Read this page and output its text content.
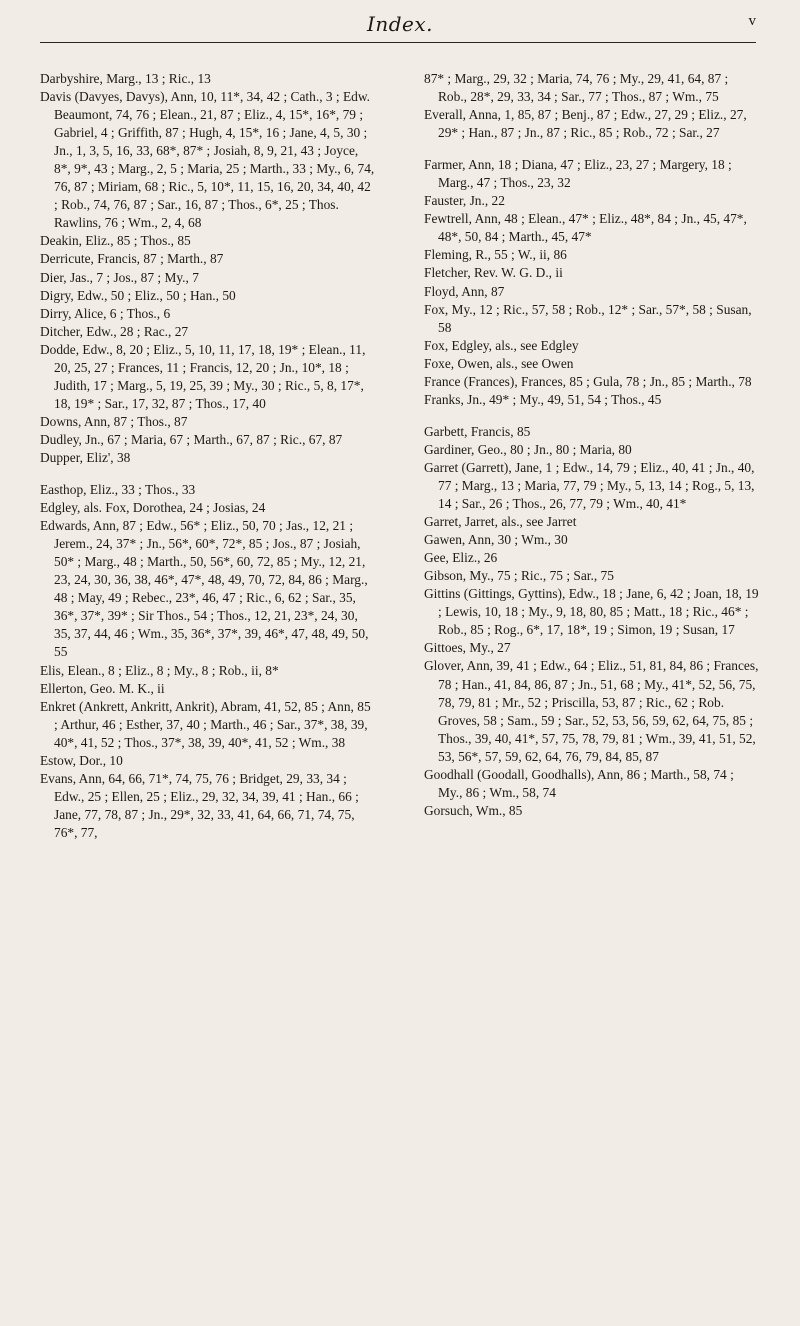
Index.	v

Darbyshire, Marg., 13 ; Ric., 13

Davis (Davyes, Davys), Ann, 10, 11*, 34, 42 ; Cath., 3 ; Edw. Beaumont, 74, 76 ; Elean., 21, 87 ; Eliz., 4, 15*, 16*, 79 ; Gabriel, 4 ; Griffith, 87 ; Hugh, 4, 15*, 16 ; Jane, 4, 5, 30 ; Jn., 1, 3, 5, 16, 33, 68*, 87* ; Josiah, 8, 9, 21, 43 ; Joyce, 8*, 9*, 43 ; Marg., 2, 5 ; Maria, 25 ; Marth., 33 ; My., 6, 74, 76, 87 ; Miriam, 68 ; Ric., 5, 10*, 11, 15, 16, 20, 34, 40, 42 ; Rob., 74, 76, 87 ; Sar., 16, 87 ; Thos., 6*, 25 ; Thos. Rawlins, 76 ; Wm., 2, 4, 68

Deakin, Eliz., 85 ; Thos., 85

Derricute, Francis, 87 ; Marth., 87

Dier, Jas., 7 ; Jos., 87 ; My., 7

Digry, Edw., 50 ; Eliz., 50 ; Han., 50

Dirry, Alice, 6 ; Thos., 6

Ditcher, Edw., 28 ; Rac., 27

Dodde, Edw., 8, 20 ; Eliz., 5, 10, 11, 17, 18, 19* ; Elean., 11, 20, 25, 27 ; Frances, 11 ; Francis, 12, 20 ; Jn., 10*, 18 ; Judith, 17 ; Marg., 5, 19, 25, 39 ; My., 30 ; Ric., 5, 8, 17*, 18, 19* ; Sar., 17, 32, 87 ; Thos., 17, 40

Downs, Ann, 87 ; Thos., 87

Dudley, Jn., 67 ; Maria, 67 ; Marth., 67, 87 ; Ric., 67, 87

Dupper, Eliz', 38

Easthop, Eliz., 33 ; Thos., 33

Edgley, als. Fox, Dorothea, 24 ; Josias, 24

Edwards, Ann, 87 ; Edw., 56* ; Eliz., 50, 70 ; Jas., 12, 21 ; Jerem., 24, 37* ; Jn., 56*, 60*, 72*, 85 ; Jos., 87 ; Josiah, 50* ; Marg., 48 ; Marth., 50, 56*, 60, 72, 85 ; My., 12, 21, 23, 24, 30, 36, 38, 46*, 47*, 48, 49, 70, 72, 84, 86 ; Marg., 48 ; May, 49 ; Rebec., 23*, 46, 47 ; Ric., 6, 62 ; Sar., 35, 36*, 37*, 39* ; Sir Thos., 54 ; Thos., 12, 21, 23*, 24, 30, 35, 37, 44, 46 ; Wm., 35, 36*, 37*, 39, 46*, 47, 48, 49, 50, 55

Elis, Elean., 8 ; Eliz., 8 ; My., 8 ; Rob., ii, 8*

Ellerton, Geo. M. K., ii

Enkret (Ankrett, Ankritt, Ankrit), Abram, 41, 52, 85 ; Ann, 85 ; Arthur, 46 ; Esther, 37, 40 ; Marth., 46 ; Sar., 37*, 38, 39, 40*, 41, 52 ; Thos., 37*, 38, 39, 40*, 41, 52 ; Wm., 38

Estow, Dor., 10

Evans, Ann, 64, 66, 71*, 74, 75, 76 ; Bridget, 29, 33, 34 ; Edw., 25 ; Ellen, 25 ; Eliz., 29, 32, 34, 39, 41 ; Han., 66 ; Jane, 77, 78, 87 ; Jn., 29*, 32, 33, 41, 64, 66, 71, 74, 75, 76*, 77,

87* ; Marg., 29, 32 ; Maria, 74, 76 ; My., 29, 41, 64, 87 ; Rob., 28*, 29, 33, 34 ; Sar., 77 ; Thos., 87 ; Wm., 75

Everall, Anna, 1, 85, 87 ; Benj., 87 ; Edw., 27, 29 ; Eliz., 27, 29* ; Han., 87 ; Jn., 87 ; Ric., 85 ; Rob., 72 ; Sar., 27

Farmer, Ann, 18 ; Diana, 47 ; Eliz., 23, 27 ; Margery, 18 ; Marg., 47 ; Thos., 23, 32

Fauster, Jn., 22

Fewtrell, Ann, 48 ; Elean., 47* ; Eliz., 48*, 84 ; Jn., 45, 47*, 48*, 50, 84 ; Marth., 45, 47*

Fleming, R., 55 ; W., ii, 86

Fletcher, Rev. W. G. D., ii

Floyd, Ann, 87

Fox, My., 12 ; Ric., 57, 58 ; Rob., 12* ; Sar., 57*, 58 ; Susan, 58

Fox, Edgley, als., see Edgley

Foxe, Owen, als., see Owen

France (Frances), Frances, 85 ; Gula, 78 ; Jn., 85 ; Marth., 78

Franks, Jn., 49* ; My., 49, 51, 54 ; Thos., 45

Garbett, Francis, 85

Gardiner, Geo., 80 ; Jn., 80 ; Maria, 80

Garret (Garrett), Jane, 1 ; Edw., 14, 79 ; Eliz., 40, 41 ; Jn., 40, 77 ; Marg., 13 ; Maria, 77, 79 ; My., 5, 13, 14 ; Rog., 5, 13, 14 ; Sar., 26 ; Thos., 26, 77, 79 ; Wm., 40, 41*

Garret, Jarret, als., see Jarret

Gawen, Ann, 30 ; Wm., 30

Gee, Eliz., 26

Gibson, My., 75 ; Ric., 75 ; Sar., 75

Gittins (Gittings, Gyttins), Edw., 18 ; Jane, 6, 42 ; Joan, 18, 19 ; Lewis, 10, 18 ; My., 9, 18, 80, 85 ; Matt., 18 ; Ric., 46* ; Rob., 85 ; Rog., 6*, 17, 18*, 19 ; Simon, 19 ; Susan, 17

Gittoes, My., 27

Glover, Ann, 39, 41 ; Edw., 64 ; Eliz., 51, 81, 84, 86 ; Frances, 78 ; Han., 41, 84, 86, 87 ; Jn., 51, 68 ; My., 41*, 52, 56, 75, 78, 79, 81 ; Mr., 52 ; Priscilla, 53, 87 ; Ric., 62 ; Rob. Groves, 58 ; Sam., 59 ; Sar., 52, 53, 56, 59, 62, 64, 75, 85 ; Thos., 39, 40, 41*, 57, 75, 78, 79, 81 ; Wm., 39, 41, 51, 52, 53, 56*, 57, 59, 62, 64, 76, 79, 84, 85, 87

Goodhall (Goodall, Goodhalls), Ann, 86 ; Marth., 58, 74 ; My., 86 ; Wm., 58, 74

Gorsuch, Wm., 85
